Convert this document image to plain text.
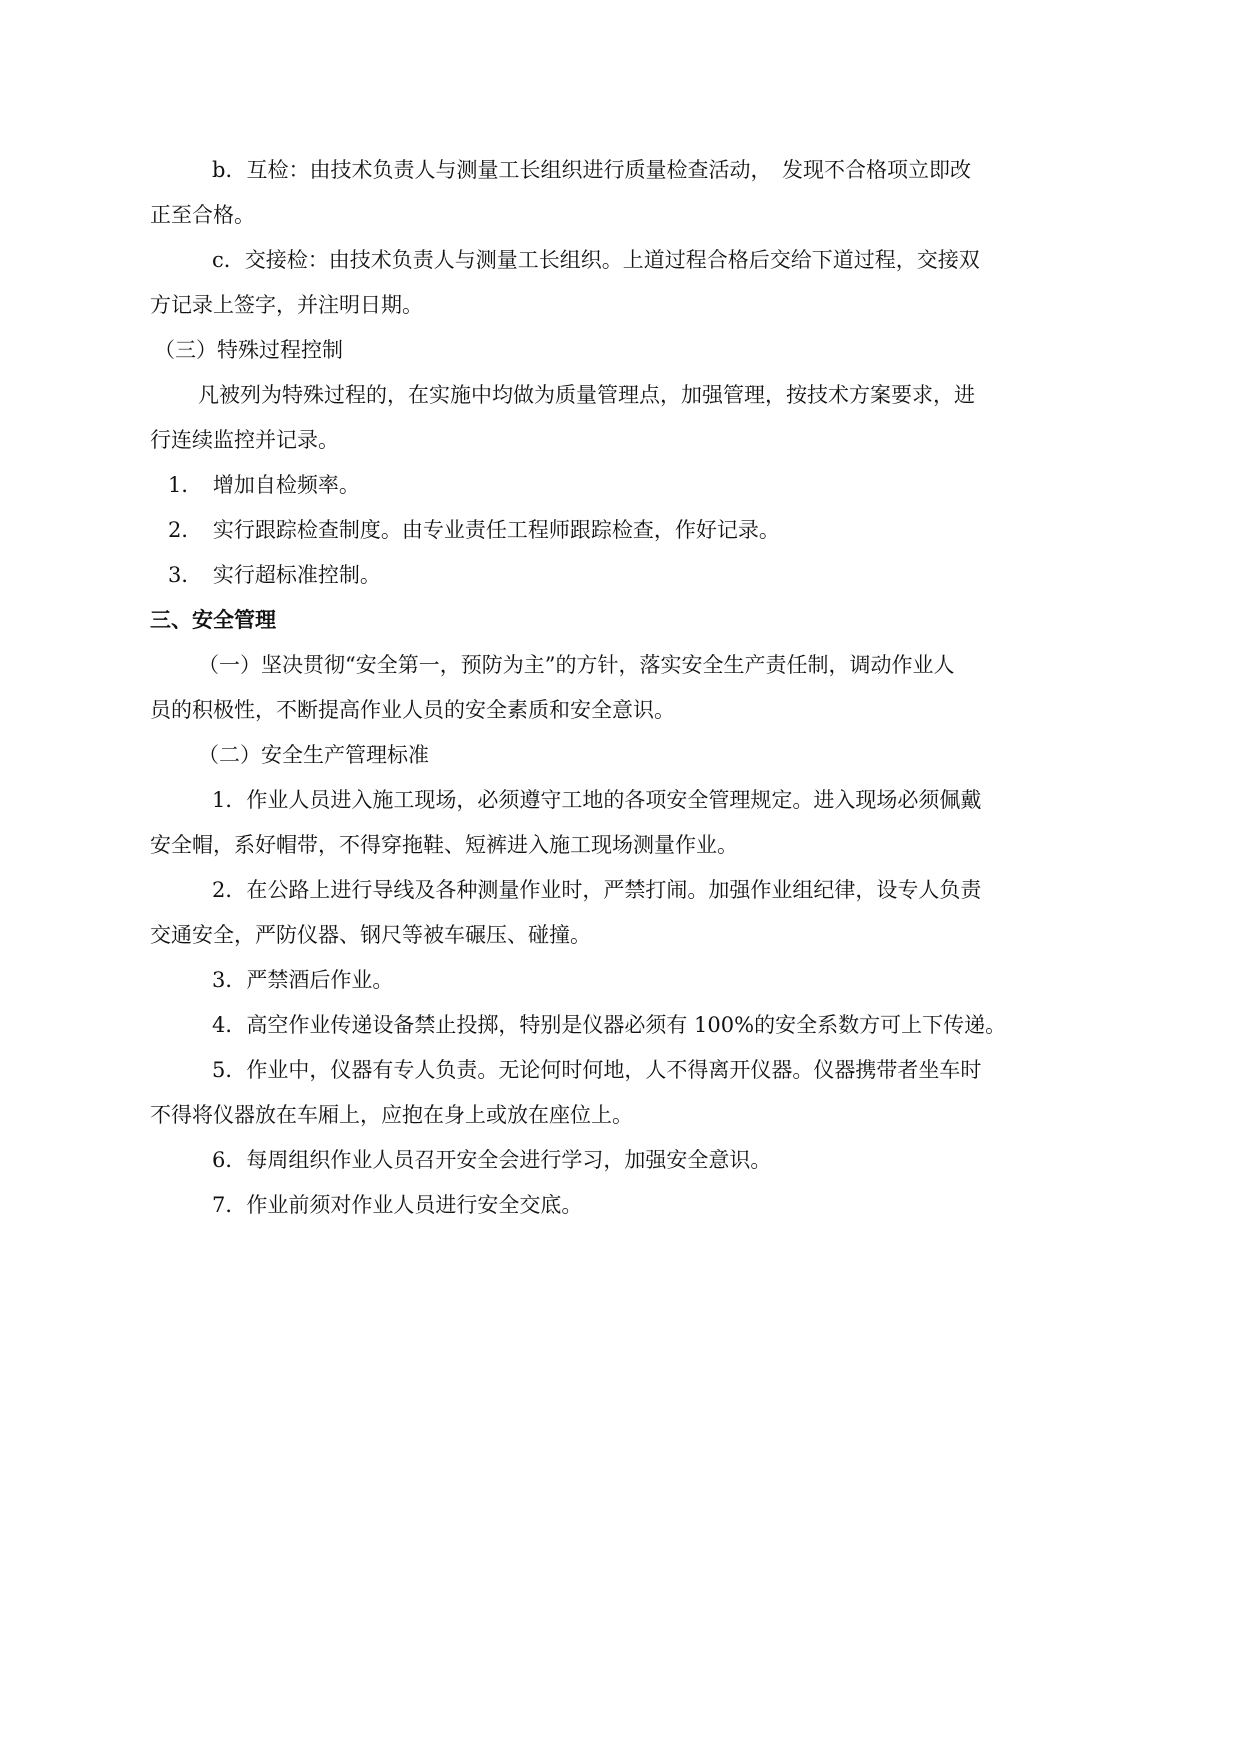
b．互检：由技术负责人与测量工长组织进行质量检查活动，　发现不合格项立即改
正至合格。
c．交接检：由技术负责人与测量工长组织。上道过程合格后交给下道过程，交接双
方记录上签字，并注明日期。
（三）特殊过程控制
凡被列为特殊过程的，在实施中均做为质量管理点，加强管理，按技术方案要求，进
行连续监控并记录。
1．　增加自检频率。
2．　实行跟踪检查制度。由专业责任工程师跟踪检查，作好记录。
3．　实行超标准控制。
三、安全管理
（一）坚决贯彻“安全第一，预防为主”的方针，落实安全生产责任制，调动作业人
员的积极性，不断提高作业人员的安全素质和安全意识。
（二）安全生产管理标准
1．作业人员进入施工现场，必须遵守工地的各项安全管理规定。进入现场必须佩戴
安全帽，系好帽带，不得穿拖鞋、短裤进入施工现场测量作业。
2．在公路上进行导线及各种测量作业时，严禁打闹。加强作业组纪律，设专人负责
交通安全，严防仪器、钢尺等被车碾压、碰撞。
3．严禁酒后作业。
4．高空作业传递设备禁止投掷，特别是仪器必须有 100%的安全系数方可上下传递。
5．作业中，仪器有专人负责。无论何时何地，人不得离开仪器。仪器携带者坐车时
不得将仪器放在车厢上，应抱在身上或放在座位上。
6．每周组织作业人员召开安全会进行学习，加强安全意识。
7．作业前须对作业人员进行安全交底。
